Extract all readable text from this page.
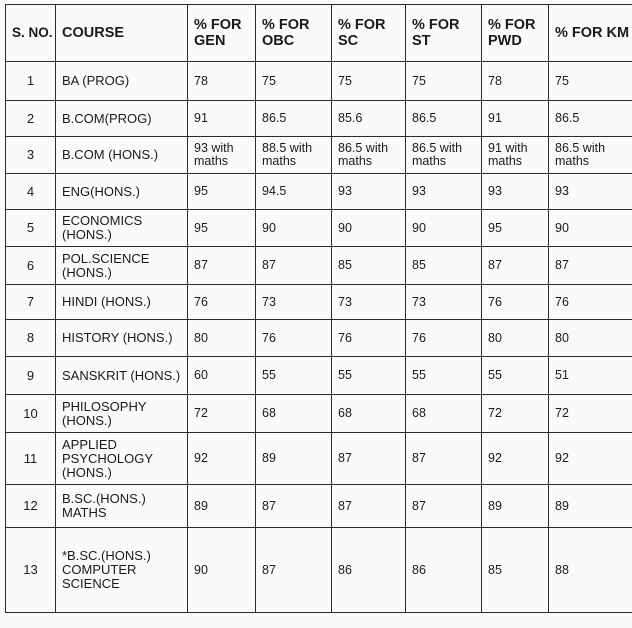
S. NO.	COURSE	% FOR GEN	% FOR OBC	% FOR SC	% FOR ST	% FOR PWD	% FOR KM
1	BA (PROG)	78	75	75	75	78	75
2	B.COM(PROG)	91	86.5	85.6	86.5	91	86.5
3	B.COM (HONS.)	93 with maths	88.5 with maths	86.5 with maths	86.5 with maths	91 with maths	86.5 with maths
4	ENG(HONS.)	95	94.5	93	93	93	93
5	ECONOMICS (HONS.)	95	90	90	90	95	90
6	POL.SCIENCE (HONS.)	87	87	85	85	87	87
7	HINDI (HONS.)	76	73	73	73	76	76
8	HISTORY (HONS.)	80	76	76	76	80	80
9	SANSKRIT (HONS.)	60	55	55	55	55	51
10	PHILOSOPHY (HONS.)	72	68	68	68	72	72
11	APPLIED PSYCHOLOGY (HONS.)	92	89	87	87	92	92
12	B.SC.(HONS.) MATHS	89	87	87	87	89	89
13	*B.SC.(HONS.) COMPUTER SCIENCE	90	87	86	86	85	88
